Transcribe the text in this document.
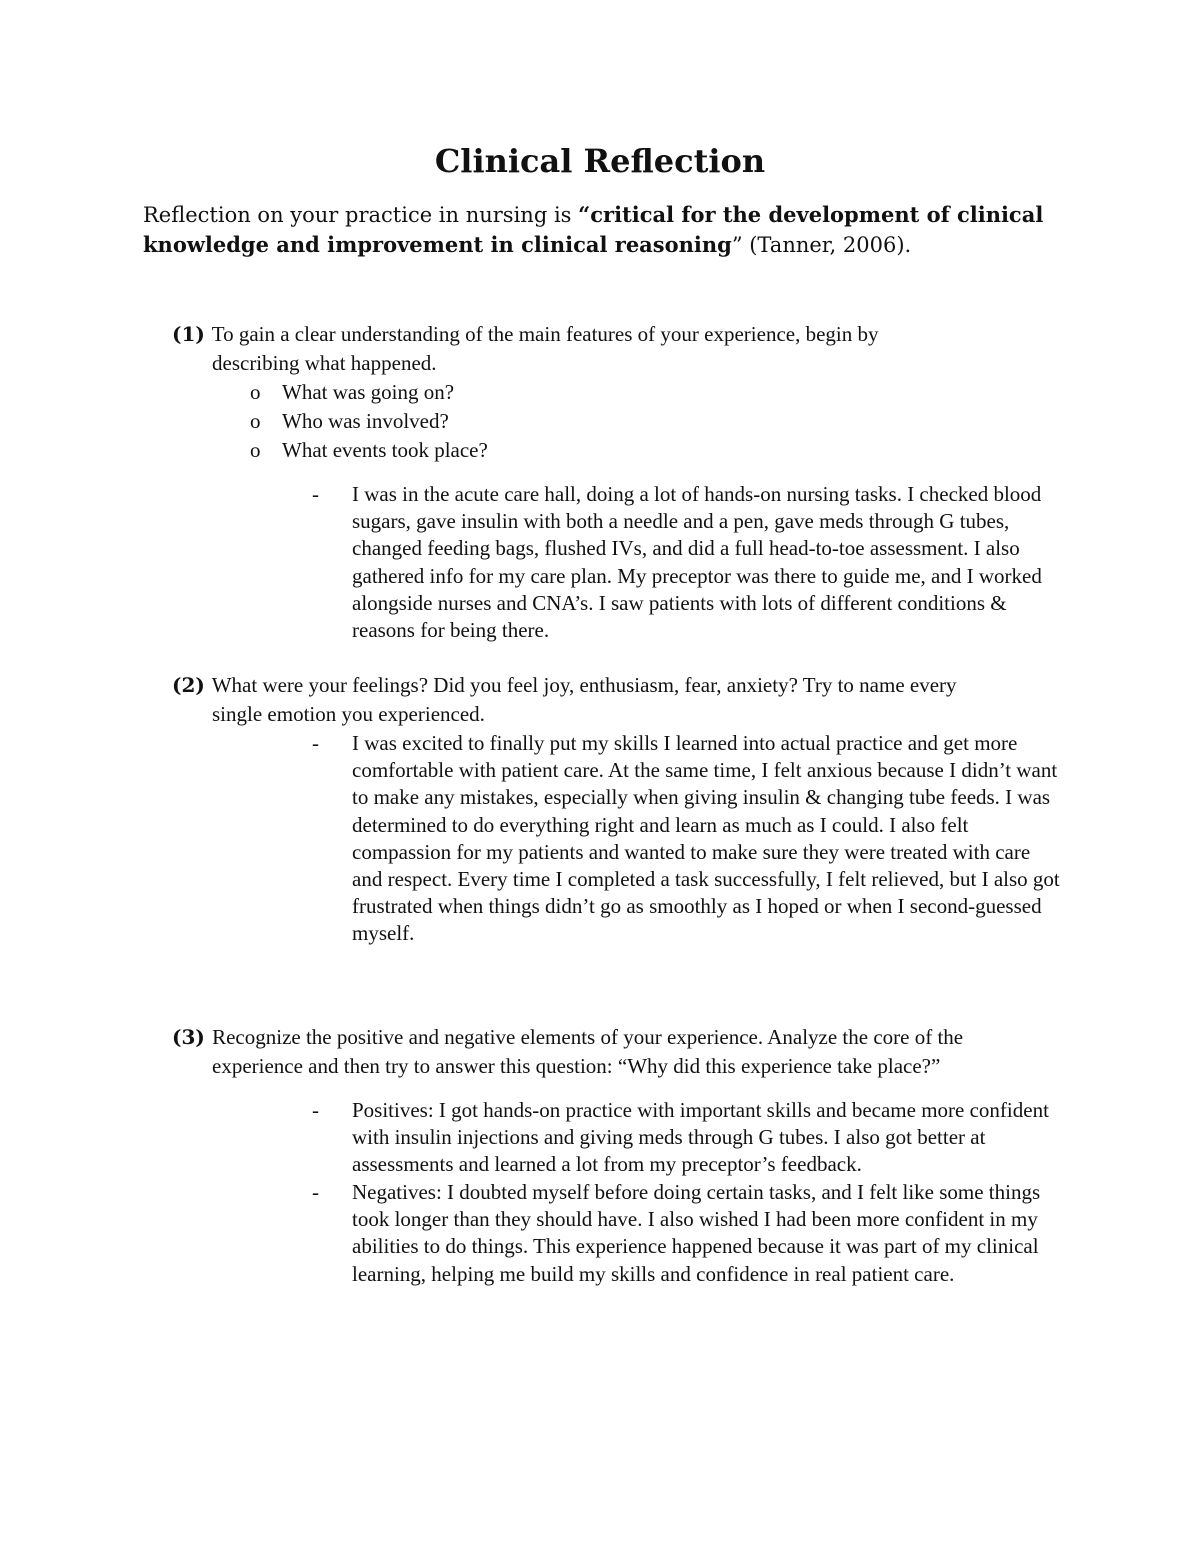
Clinical Reflection

Reflection on your practice in nursing is “critical for the development of clinical knowledge and improvement in clinical reasoning” (Tanner, 2006).

(1) To gain a clear understanding of the main features of your experience, begin by
describing what happened.

o What was going on?

o Who was involved?

o What events took place?

-	I was in the acute care hall, doing a lot of hands-on nursing tasks. I checked blood sugars, gave insulin with both a needle and a pen, gave meds through G tubes, changed feeding bags, flushed IVs, and did a full head-to-toe assessment. I also gathered info for my care plan. My preceptor was there to guide me, and I worked alongside nurses and CNA’s. I saw patients with lots of different conditions & reasons for being there.

(2) What were your feelings? Did you feel joy, enthusiasm, fear, anxiety? Try to name every
single emotion you experienced.

-	I was excited to finally put my skills I learned into actual practice and get more comfortable with patient care. At the same time, I felt anxious because I didn’t want to make any mistakes, especially when giving insulin & changing tube feeds. I was determined to do everything right and learn as much as I could. I also felt compassion for my patients and wanted to make sure they were treated with care and respect. Every time I completed a task successfully, I felt relieved, but I also got frustrated when things didn’t go as smoothly as I hoped or when I second-guessed myself.

(3) Recognize the positive and negative elements of your experience. Analyze the core of the
experience and then try to answer this question: “Why did this experience take place?”

-	Positives: I got hands-on practice with important skills and became more confident with insulin injections and giving meds through G tubes. I also got better at assessments and learned a lot from my preceptor’s feedback.

-	Negatives: I doubted myself before doing certain tasks, and I felt like some things took longer than they should have. I also wished I had been more confident in my abilities to do things. This experience happened because it was part of my clinical learning, helping me build my skills and confidence in real patient care.
